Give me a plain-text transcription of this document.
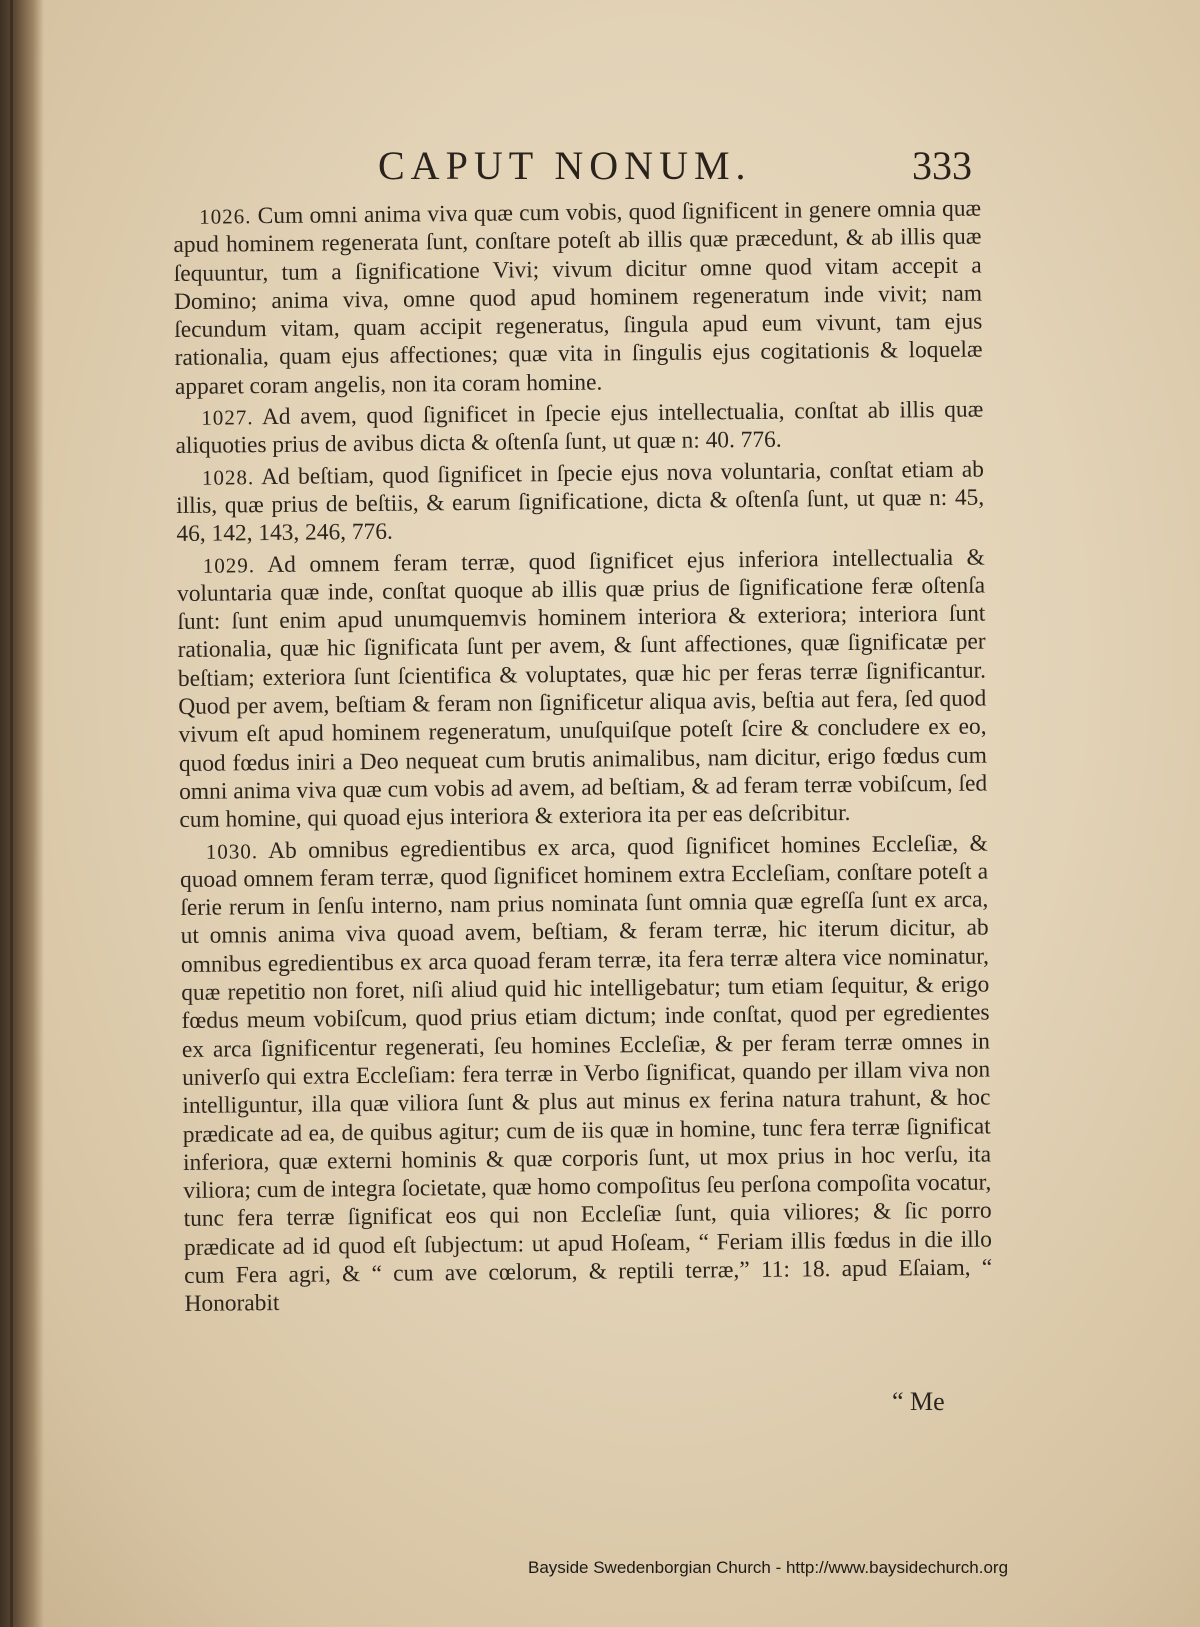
CAPUT NONUM.	333

1026. Cum omni anima viva quæ cum vobis, quod ſignificent in genere omnia quæ apud hominem regenerata ſunt, conſtare poteſt ab illis quæ præcedunt, & ab illis quæ ſequuntur, tum a ſignificatione Vivi; vivum dicitur omne quod vitam accepit a Domino; anima viva, omne quod apud hominem regeneratum inde vivit; nam ſecundum vitam, quam accipit regeneratus, ſingula apud eum vivunt, tam ejus rationalia, quam ejus affectiones; quæ vita in ſingulis ejus cogitationis & loquelæ apparet coram angelis, non ita coram homine.

1027. Ad avem, quod ſignificet in ſpecie ejus intellectualia, conſtat ab illis quæ aliquoties prius de avibus dicta & oſtenſa ſunt, ut quæ n: 40. 776.

1028. Ad beſtiam, quod ſignificet in ſpecie ejus nova voluntaria, conſtat etiam ab illis, quæ prius de beſtiis, & earum ſignificatione, dicta & oſtenſa ſunt, ut quæ n: 45, 46, 142, 143, 246, 776.

1029. Ad omnem feram terræ, quod ſignificet ejus inferiora intellectualia & voluntaria quæ inde, conſtat quoque ab illis quæ prius de ſignificatione feræ oſtenſa ſunt: ſunt enim apud unumquemvis hominem interiora & exteriora; interiora ſunt rationalia, quæ hic ſignificata ſunt per avem, & ſunt affectiones, quæ ſignificatæ per beſtiam; exteriora ſunt ſcientifica & voluptates, quæ hic per feras terræ ſignificantur. Quod per avem, beſtiam & feram non ſignificetur aliqua avis, beſtia aut fera, ſed quod vivum eſt apud hominem regeneratum, unuſquiſque poteſt ſcire & concludere ex eo, quod fœdus iniri a Deo nequeat cum brutis animalibus, nam dicitur, erigo fœdus cum omni anima viva quæ cum vobis ad avem, ad beſtiam, & ad feram terræ vobiſcum, ſed cum homine, qui quoad ejus interiora & exteriora ita per eas deſcribitur.

1030. Ab omnibus egredientibus ex arca, quod ſignificet homines Eccleſiæ, & quoad omnem feram terræ, quod ſignificet hominem extra Eccleſiam, conſtare poteſt a ſerie rerum in ſenſu interno, nam prius nominata ſunt omnia quæ egreſſa ſunt ex arca, ut omnis anima viva quoad avem, beſtiam, & feram terræ, hic iterum dicitur, ab omnibus egredientibus ex arca quoad feram terræ, ita fera terræ altera vice nominatur, quæ repetitio non foret, niſi aliud quid hic intelligebatur; tum etiam ſequitur, & erigo fœdus meum vobiſcum, quod prius etiam dictum; inde conſtat, quod per egredientes ex arca ſignificentur regenerati, ſeu homines Eccleſiæ, & per feram terræ omnes in univerſo qui extra Eccleſiam: fera terræ in Verbo ſignificat, quando per illam viva non intelliguntur, illa quæ viliora ſunt & plus aut minus ex ferina natura trahunt, & hoc prædicate ad ea, de quibus agitur; cum de iis quæ in homine, tunc fera terræ ſignificat inferiora, quæ externi hominis & quæ corporis ſunt, ut mox prius in hoc verſu, ita viliora; cum de integra ſocietate, quæ homo compoſitus ſeu perſona compoſita vocatur, tunc fera terræ ſignificat eos qui non Eccleſiæ ſunt, quia viliores; & ſic porro prædicate ad id quod eſt ſubjectum: ut apud Hoſeam, “ Feriam illis fœdus in die illo cum Fera agri, & “ cum ave cœlorum, & reptili terræ,” 11: 18. apud Eſaiam, “ Honorabit

“ Me
Bayside Swedenborgian Church - http://www.baysidechurch.org
